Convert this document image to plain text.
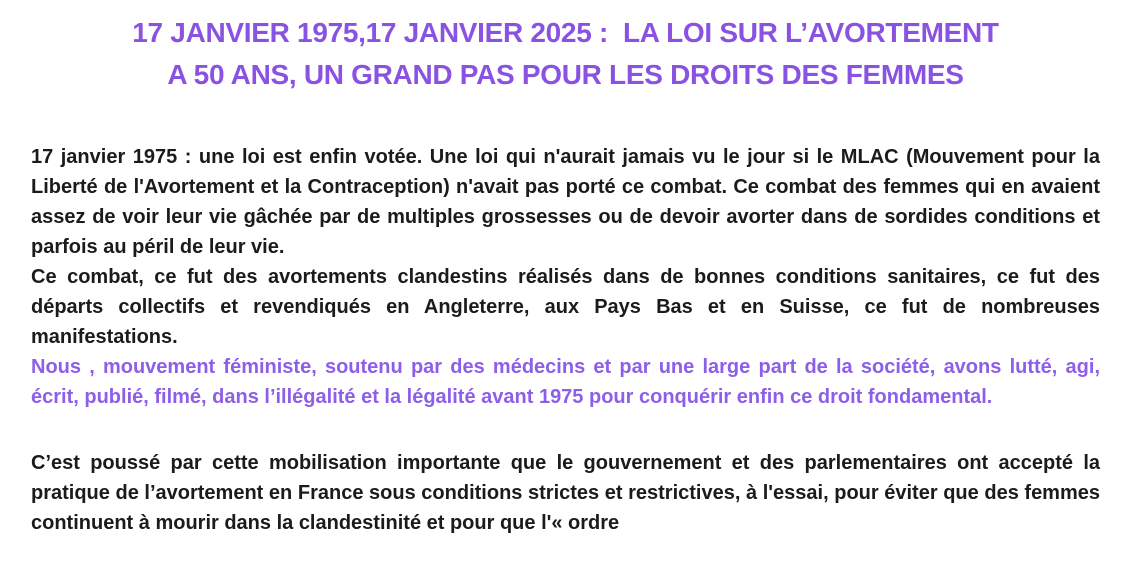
17 JANVIER 1975,17 JANVIER 2025 :  LA LOI SUR L’AVORTEMENT
A 50 ANS, UN GRAND PAS POUR LES DROITS DES FEMMES

17 janvier 1975 : une loi est enfin votée. Une loi qui n'aurait jamais vu le jour si le MLAC (Mouvement pour la Liberté de l'Avortement et la Contraception) n'avait pas porté ce combat. Ce combat des femmes qui en avaient assez de voir leur vie gâchée par de multiples grossesses ou de devoir avorter dans de sordides conditions et parfois au péril de leur vie.

Ce combat, ce fut des avortements clandestins réalisés dans de bonnes conditions sanitaires, ce fut des départs collectifs et revendiqués en Angleterre, aux Pays Bas et en Suisse, ce fut de nombreuses manifestations.

Nous , mouvement féministe, soutenu par des médecins et par une large part de la société, avons lutté, agi, écrit, publié, filmé, dans l’illégalité et la légalité avant 1975 pour conquérir enfin ce droit fondamental.

C’est poussé par cette mobilisation importante que le gouvernement et des parlementaires ont accepté la pratique de l’avortement en France sous conditions strictes et restrictives, à l'essai, pour éviter que des femmes continuent à mourir dans la clandestinité et pour que l'« ordre
